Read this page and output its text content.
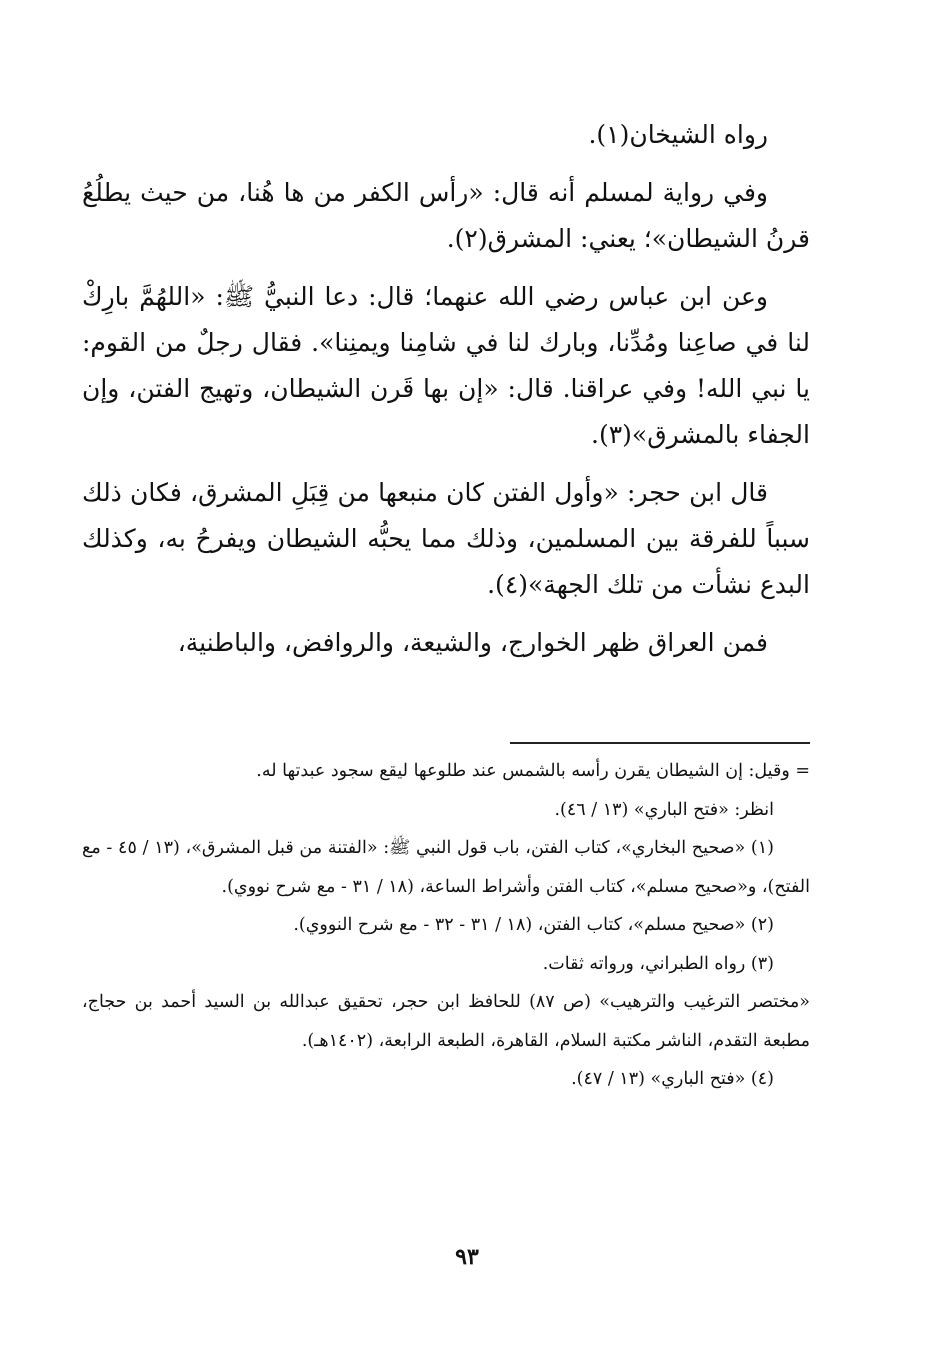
رواه الشيخان(١).

وفي رواية لمسلم أنه قال: «رأس الكفر من ها هُنا، من حيث يطلُعُ قرنُ الشيطان»؛ يعني: المشرق(٢).

وعن ابن عباس رضي الله عنهما؛ قال: دعا النبيُّ ﷺ: «اللهُمَّ بارِكْ لنا في صاعِنا ومُدِّنا، وبارك لنا في شامِنا ويمنِنا». فقال رجلٌ من القوم: يا نبي الله! وفي عراقنا. قال: «إن بها قَرن الشيطان، وتهيج الفتن، وإن الجفاء بالمشرق»(٣).

قال ابن حجر: «وأول الفتن كان منبعها من قِبَلِ المشرق، فكان ذلك سبباً للفرقة بين المسلمين، وذلك مما يحبُّه الشيطان ويفرحُ به، وكذلك البدع نشأت من تلك الجهة»(٤).

فمن العراق ظهر الخوارج، والشيعة، والروافض، والباطنية،

= وقيل: إن الشيطان يقرن رأسه بالشمس عند طلوعها ليقع سجود عبدتها له.

انظر: «فتح الباري» (١٣ / ٤٦).

(١) «صحيح البخاري»، كتاب الفتن، باب قول النبي ﷺ: «الفتنة من قبل المشرق»، (١٣ / ٤٥ - مع الفتح)، و«صحيح مسلم»، كتاب الفتن وأشراط الساعة، (١٨ / ٣١ - مع شرح نووي).

(٢) «صحيح مسلم»، كتاب الفتن، (١٨ / ٣١ - ٣٢ - مع شرح النووي).

(٣) رواه الطبراني، ورواته ثقات.

«مختصر الترغيب والترهيب» (ص ٨٧) للحافظ ابن حجر، تحقيق عبدالله بن السيد أحمد بن حجاج، مطبعة التقدم، الناشر مكتبة السلام، القاهرة، الطبعة الرابعة، (١٤٠٢هـ).

(٤) «فتح الباري» (١٣ / ٤٧).

٩٣
